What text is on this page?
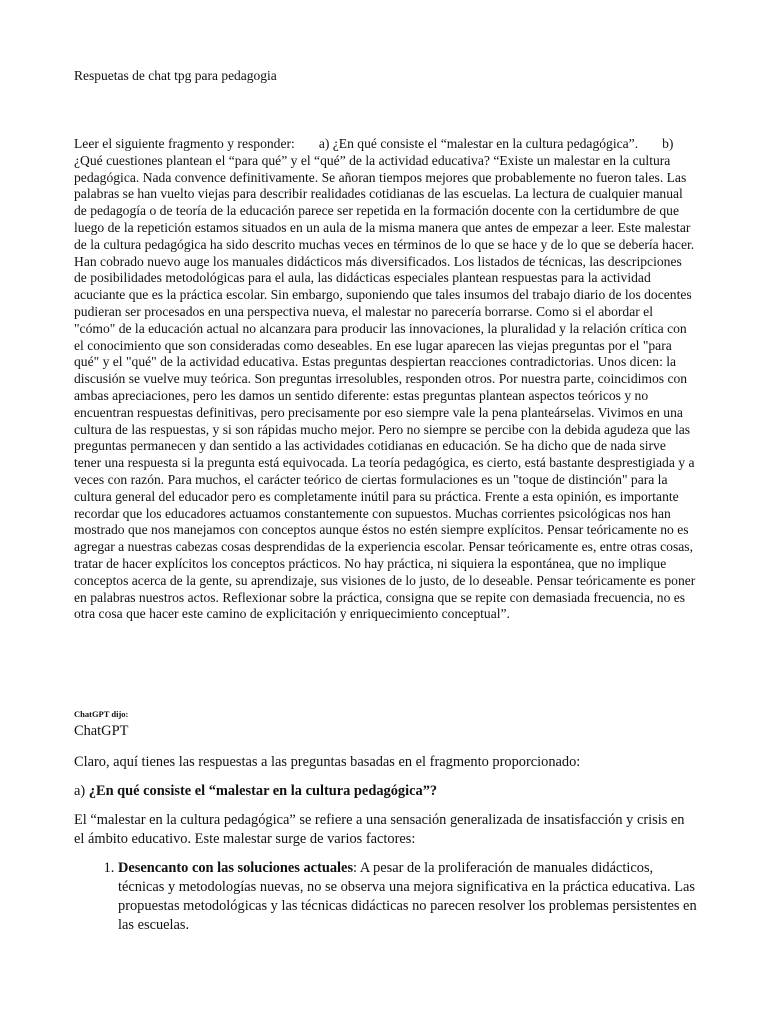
Respuetas de chat tpg para pedagogia

Leer el siguiente fragmento y responder: a) ¿En qué consiste el “malestar en la cultura pedagógica”. b) ¿Qué cuestiones plantean el “para qué” y el “qué” de la actividad educativa? “Existe un malestar en la cultura pedagógica. Nada convence definitivamente. Se añoran tiempos mejores que probablemente no fueron tales. Las palabras se han vuelto viejas para describir realidades cotidianas de las escuelas. La lectura de cualquier manual de pedagogía o de teoría de la educación parece ser repetida en la formación docente con la certidumbre de que luego de la repetición estamos situados en un aula de la misma manera que antes de empezar a leer. Este malestar de la cultura pedagógica ha sido descrito muchas veces en términos de lo que se hace y de lo que se debería hacer. Han cobrado nuevo auge los manuales didácticos más diversificados. Los listados de técnicas, las descripciones de posibilidades metodológicas para el aula, las didácticas especiales plantean respuestas para la actividad acuciante que es la práctica escolar. Sin embargo, suponiendo que tales insumos del trabajo diario de los docentes pudieran ser procesados en una perspectiva nueva, el malestar no parecería borrarse. Como si el abordar el "cómo" de la educación actual no alcanzara para producir las innovaciones, la pluralidad y la relación crítica con el conocimiento que son consideradas como deseables. En ese lugar aparecen las viejas preguntas por el "para qué" y el "qué" de la actividad educativa. Estas preguntas despiertan reacciones contradictorias. Unos dicen: la discusión se vuelve muy teórica. Son preguntas irresolubles, responden otros. Por nuestra parte, coincidimos con ambas apreciaciones, pero les damos un sentido diferente: estas preguntas plantean aspectos teóricos y no encuentran respuestas definitivas, pero precisamente por eso siempre vale la pena planteárselas. Vivimos en una cultura de las respuestas, y si son rápidas mucho mejor. Pero no siempre se percibe con la debida agudeza que las preguntas permanecen y dan sentido a las actividades cotidianas en educación. Se ha dicho que de nada sirve tener una respuesta si la pregunta está equivocada. La teoría pedagógica, es cierto, está bastante desprestigiada y a veces con razón. Para muchos, el carácter teórico de ciertas formulaciones es un "toque de distinción" para la cultura general del educador pero es completamente inútil para su práctica. Frente a esta opinión, es importante recordar que los educadores actuamos constantemente con supuestos. Muchas corrientes psicológicas nos han mostrado que nos manejamos con conceptos aunque éstos no estén siempre explícitos. Pensar teóricamente no es agregar a nuestras cabezas cosas desprendidas de la experiencia escolar. Pensar teóricamente es, entre otras cosas, tratar de hacer explícitos los conceptos prácticos. No hay práctica, ni siquiera la espontánea, que no implique conceptos acerca de la gente, su aprendizaje, sus visiones de lo justo, de lo deseable. Pensar teóricamente es poner en palabras nuestros actos. Reflexionar sobre la práctica, consigna que se repite con demasiada frecuencia, no es otra cosa que hacer este camino de explicitación y enriquecimiento conceptual”.

ChatGPT dijo:

ChatGPT

Claro, aquí tienes las respuestas a las preguntas basadas en el fragmento proporcionado:

a) ¿En qué consiste el “malestar en la cultura pedagógica”?

El “malestar en la cultura pedagógica” se refiere a una sensación generalizada de insatisfacción y crisis en el ámbito educativo. Este malestar surge de varios factores:

1. Desencanto con las soluciones actuales: A pesar de la proliferación de manuales didácticos, técnicas y metodologías nuevas, no se observa una mejora significativa en la práctica educativa. Las propuestas metodológicas y las técnicas didácticas no parecen resolver los problemas persistentes en las escuelas.
